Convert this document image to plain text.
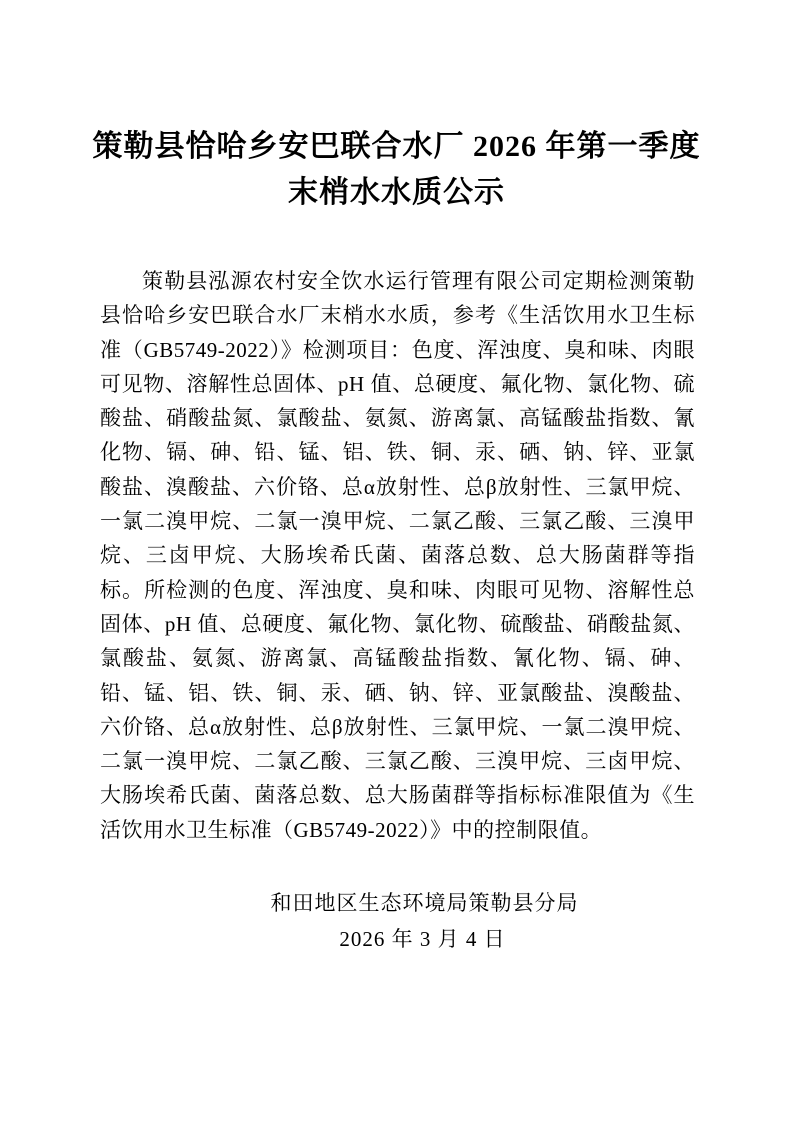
策勒县恰哈乡安巴联合水厂 2026 年第一季度
末梢水水质公示

策勒县泓源农村安全饮水运行管理有限公司定期检测策勒县恰哈乡安巴联合水厂末梢水水质，参考《生活饮用水卫生标准（GB5749-2022）》检测项目：色度、浑浊度、臭和味、肉眼可见物、溶解性总固体、pH 值、总硬度、氟化物、氯化物、硫酸盐、硝酸盐氮、氯酸盐、氨氮、游离氯、高锰酸盐指数、氰化物、镉、砷、铅、锰、铝、铁、铜、汞、硒、钠、锌、亚氯酸盐、溴酸盐、六价铬、总α放射性、总β放射性、三氯甲烷、一氯二溴甲烷、二氯一溴甲烷、二氯乙酸、三氯乙酸、三溴甲烷、三卤甲烷、大肠埃希氏菌、菌落总数、总大肠菌群等指标。所检测的色度、浑浊度、臭和味、肉眼可见物、溶解性总固体、pH 值、总硬度、氟化物、氯化物、硫酸盐、硝酸盐氮、氯酸盐、氨氮、游离氯、高锰酸盐指数、氰化物、镉、砷、铅、锰、铝、铁、铜、汞、硒、钠、锌、亚氯酸盐、溴酸盐、六价铬、总α放射性、总β放射性、三氯甲烷、一氯二溴甲烷、二氯一溴甲烷、二氯乙酸、三氯乙酸、三溴甲烷、三卤甲烷、大肠埃希氏菌、菌落总数、总大肠菌群等指标标准限值为《生活饮用水卫生标准（GB5749-2022）》中的控制限值。

和田地区生态环境局策勒县分局
2026 年 3 月 4 日
